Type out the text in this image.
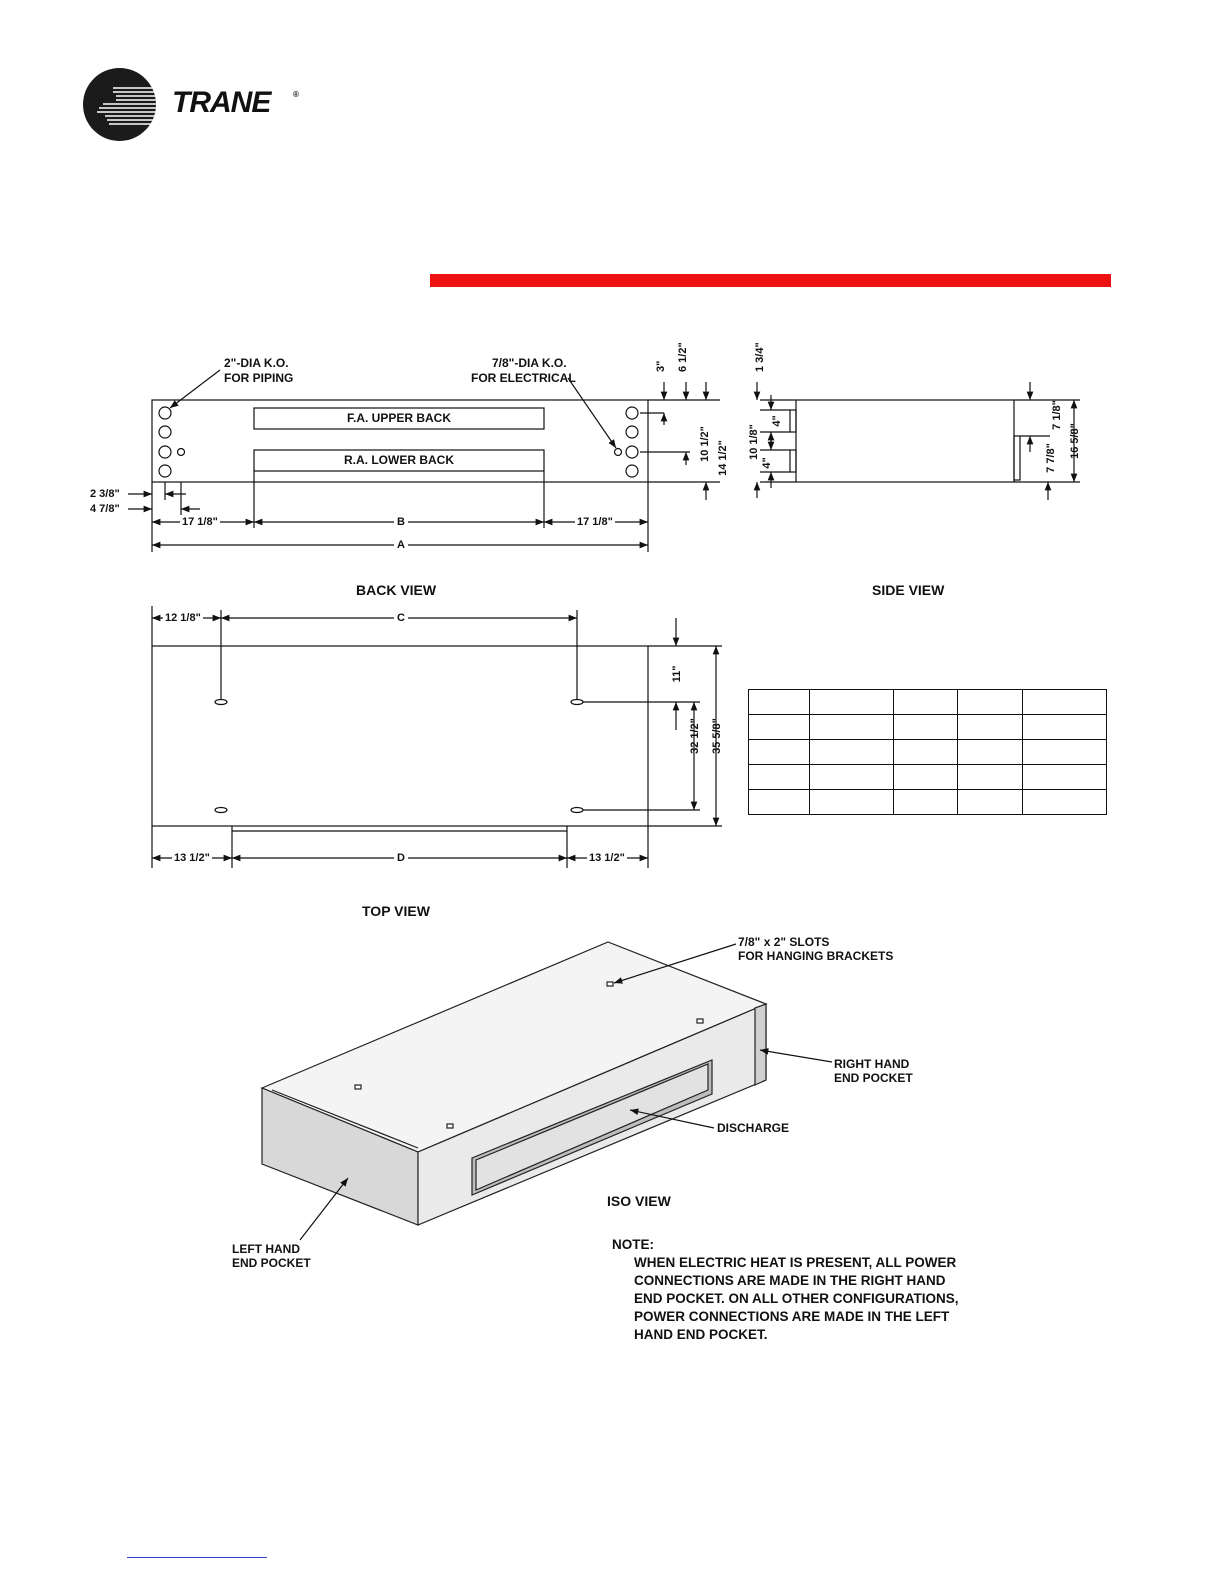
TRANE	®
3" 6 1/2"
10 1/2" 14 1/2"
1 3/4"
10 1/8"
4"
4"
7 1/8"
7 7/8" 16 5/8"
11"
32 1/2" 35 5/8"
2"-DIA K.O.
FOR PIPING
7/8"-DIA K.O.
FOR ELECTRICAL
F.A. UPPER BACK
R.A. LOWER BACK
2 3/8"
4 7/8"
17 1/8"	B	17 1/8"
A
BACK VIEW	SIDE VIEW
12 1/8"	C
13 1/2"	D	13 1/2"
TOP VIEW

7/8" x 2" SLOTS
FOR HANGING BRACKETS
RIGHT HAND
END POCKET
DISCHARGE
LEFT HAND
END POCKET
ISO VIEW
NOTE:
WHEN ELECTRIC HEAT IS PRESENT, ALL POWER
CONNECTIONS ARE MADE IN THE RIGHT HAND
END POCKET. ON ALL OTHER CONFIGURATIONS,
POWER CONNECTIONS ARE MADE IN THE LEFT
HAND END POCKET.
